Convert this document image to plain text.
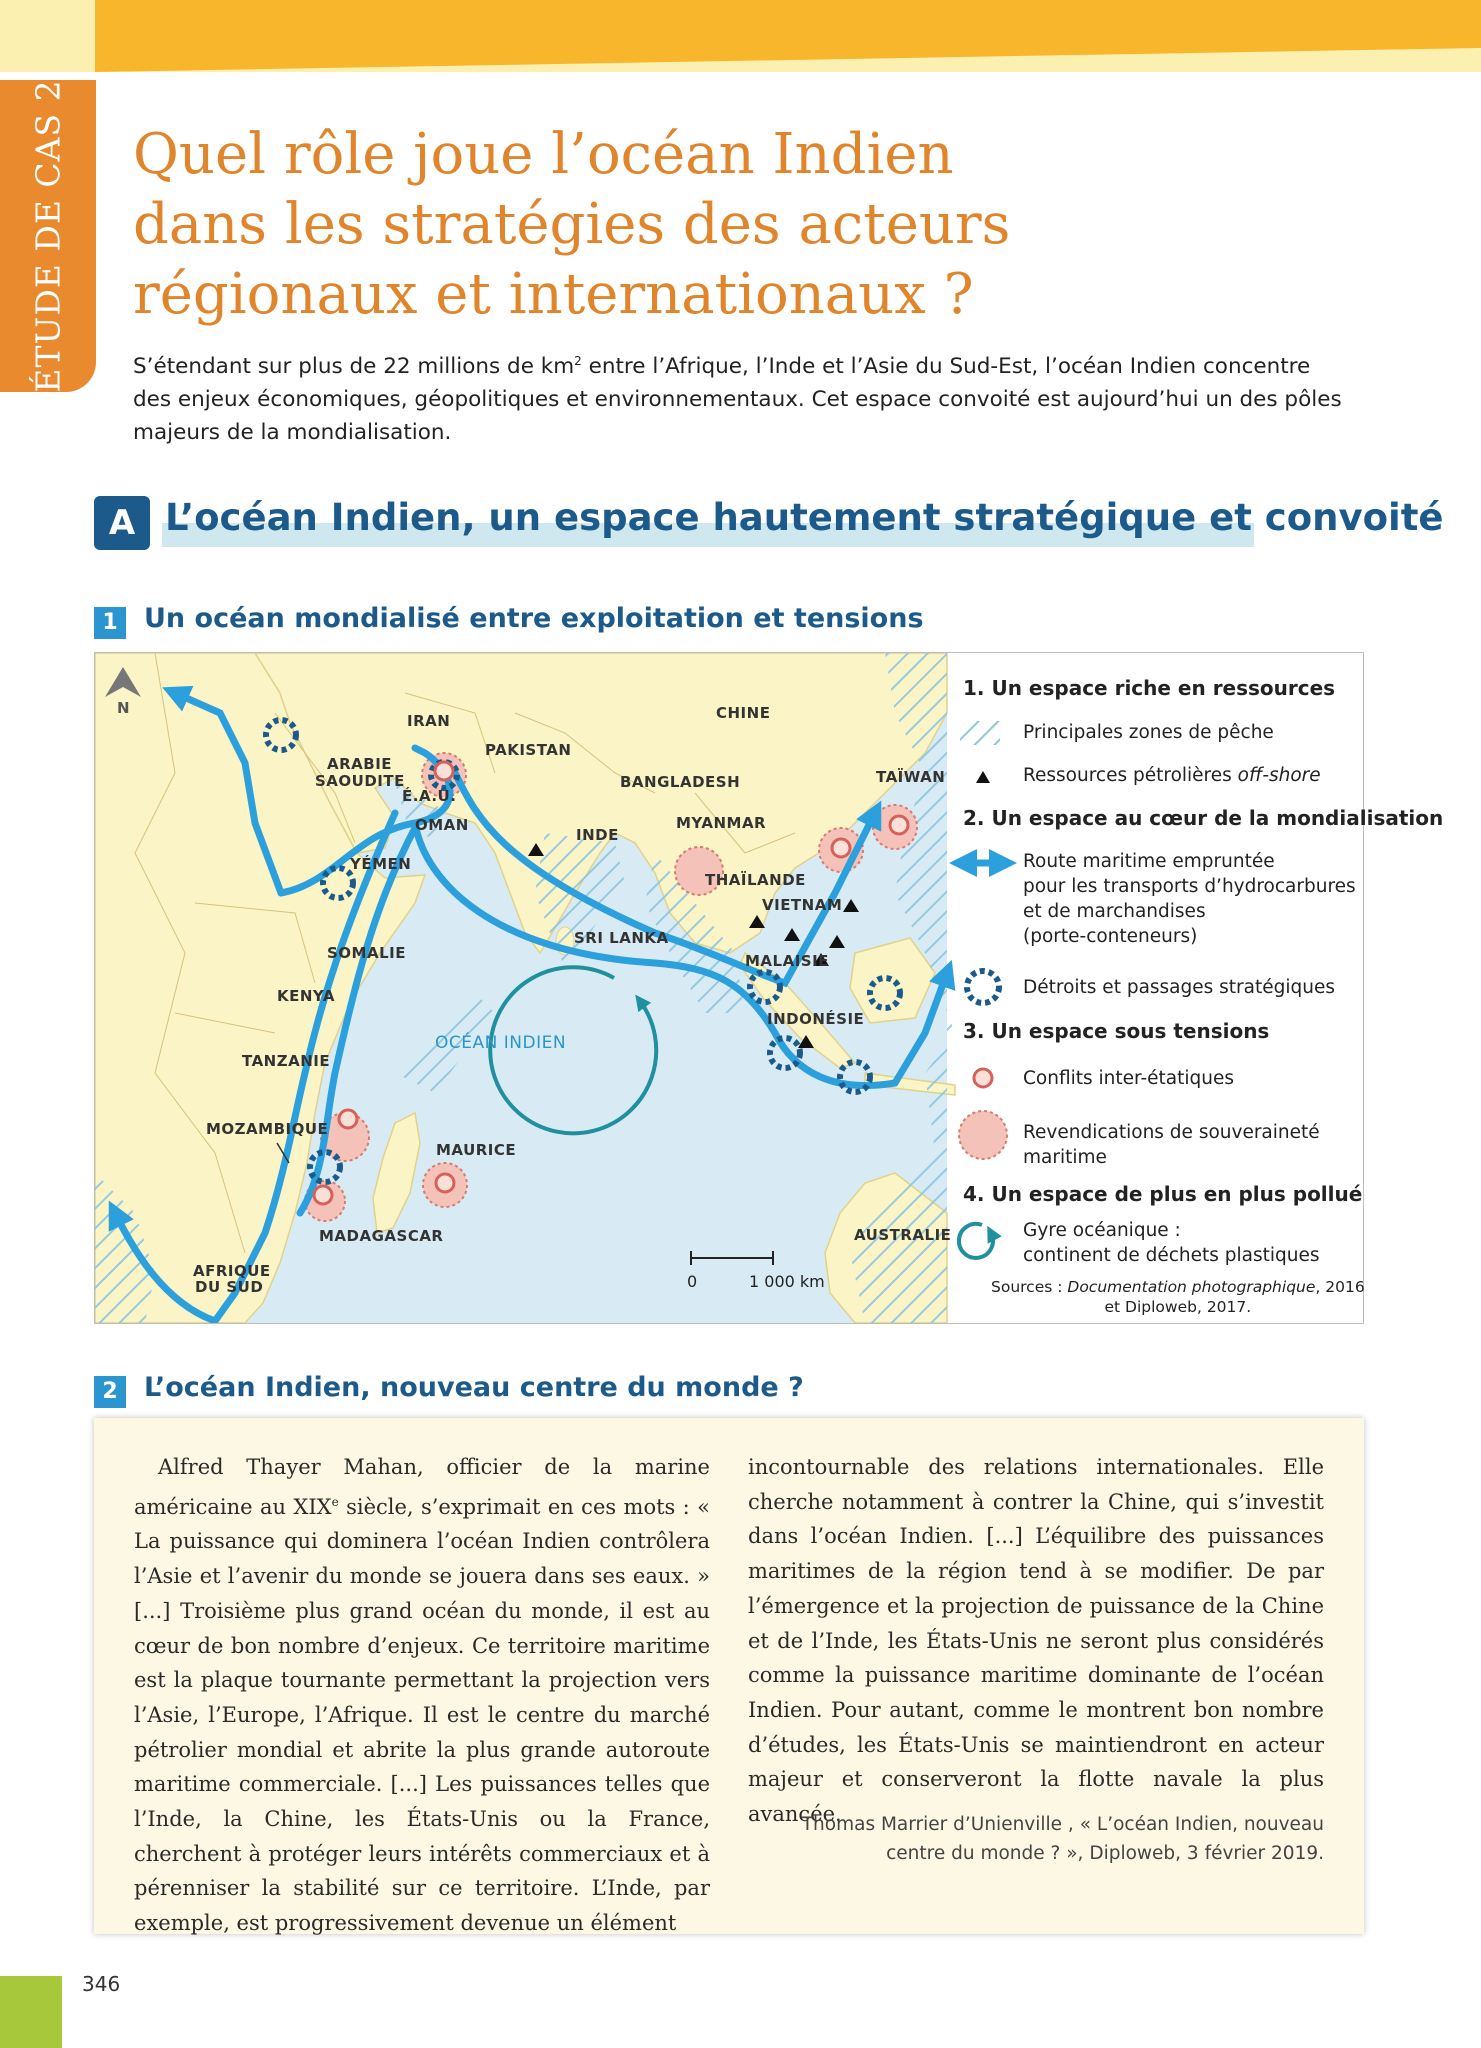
ÉTUDE DE CAS 2 Quel rôle joue l’océan Indien
dans les stratégies des acteurs
régionaux et internationaux ?

S’étendant sur plus de 22 millions de $km^2$ entre l’Afrique, l’Inde et l’Asie du Sud-Est, l’océan Indien concentre des enjeux économiques, géopolitiques et environnementaux. Cet espace convoité est aujourd’hui un des pôles majeurs de la mondialisation.

A L’océan Indien, un espace hautement stratégique et convoité
1 Un océan mondialisé entre exploitation et tensions
OCÉAN INDIEN
N
0	1 000 km
IRAN	CHINE
ARABIE
SAOUDITE
PAKISTAN
É.A.U.
OMAN
BANGLADESH	TAÏWAN
INDE
MYANMAR
YÉMEN
THAÏLANDE
VIETNAM
SRI LANKA
SOMALIE	MALAISIE
KENYA
INDONÉSIE
TANZANIE
MOZAMBIQUE
MAURICE
MADAGASCAR	AUSTRALIE
AFRIQUE
DU SUD
1. Un espace riche en ressources
Principales zones de pêche
Ressources pétrolières off-shore
2. Un espace au cœur de la mondialisation
Route maritime empruntée
pour les transports d’hydrocarbures
et de marchandises
(porte-conteneurs)
Détroits et passages stratégiques
3. Un espace sous tensions
Conflits inter-étatiques
Revendications de souveraineté
maritime
4. Un espace de plus en plus pollué
Gyre océanique :
continent de déchets plastiques
Sources : Documentation photographique, 2016
et Diploweb, 2017.
2 L’océan Indien, nouveau centre du monde ?
Alfred Thayer Mahan, officier de la marine américaine au XIXe siècle, s’exprimait en ces mots : « La puissance qui dominera l’océan Indien contrôlera l’Asie et l’avenir du monde se jouera dans ses eaux. » [...] Troisième plus grand océan du monde, il est au cœur de bon nombre d’enjeux. Ce territoire maritime est la plaque tournante permettant la projection vers l’Asie, l’Europe, l’Afrique. Il est le centre du marché pétrolier mondial et abrite la plus grande autoroute maritime commerciale. [...] Les puissances telles que l’Inde, la Chine, les États-Unis ou la France, cherchent à protéger leurs intérêts commerciaux et à pérenniser la stabilité sur ce territoire. L’Inde, par exemple, est progressivement devenue un élément
incontournable des relations internationales. Elle cherche notamment à contrer la Chine, qui s’investit dans l’océan Indien. [...] L’équilibre des puissances maritimes de la région tend à se modifier. De par l’émergence et la projection de puissance de la Chine et de l’Inde, les États-Unis ne seront plus considérés comme la puissance maritime dominante de l’océan Indien. Pour autant, comme le montrent bon nombre d’études, les États-Unis se maintiendront en acteur majeur et conserveront la flotte navale la plus avancée.
Thomas Marrier d’Unienville , « L’océan Indien, nouveau
centre du monde ? », Diploweb, 3 février 2019.
346
